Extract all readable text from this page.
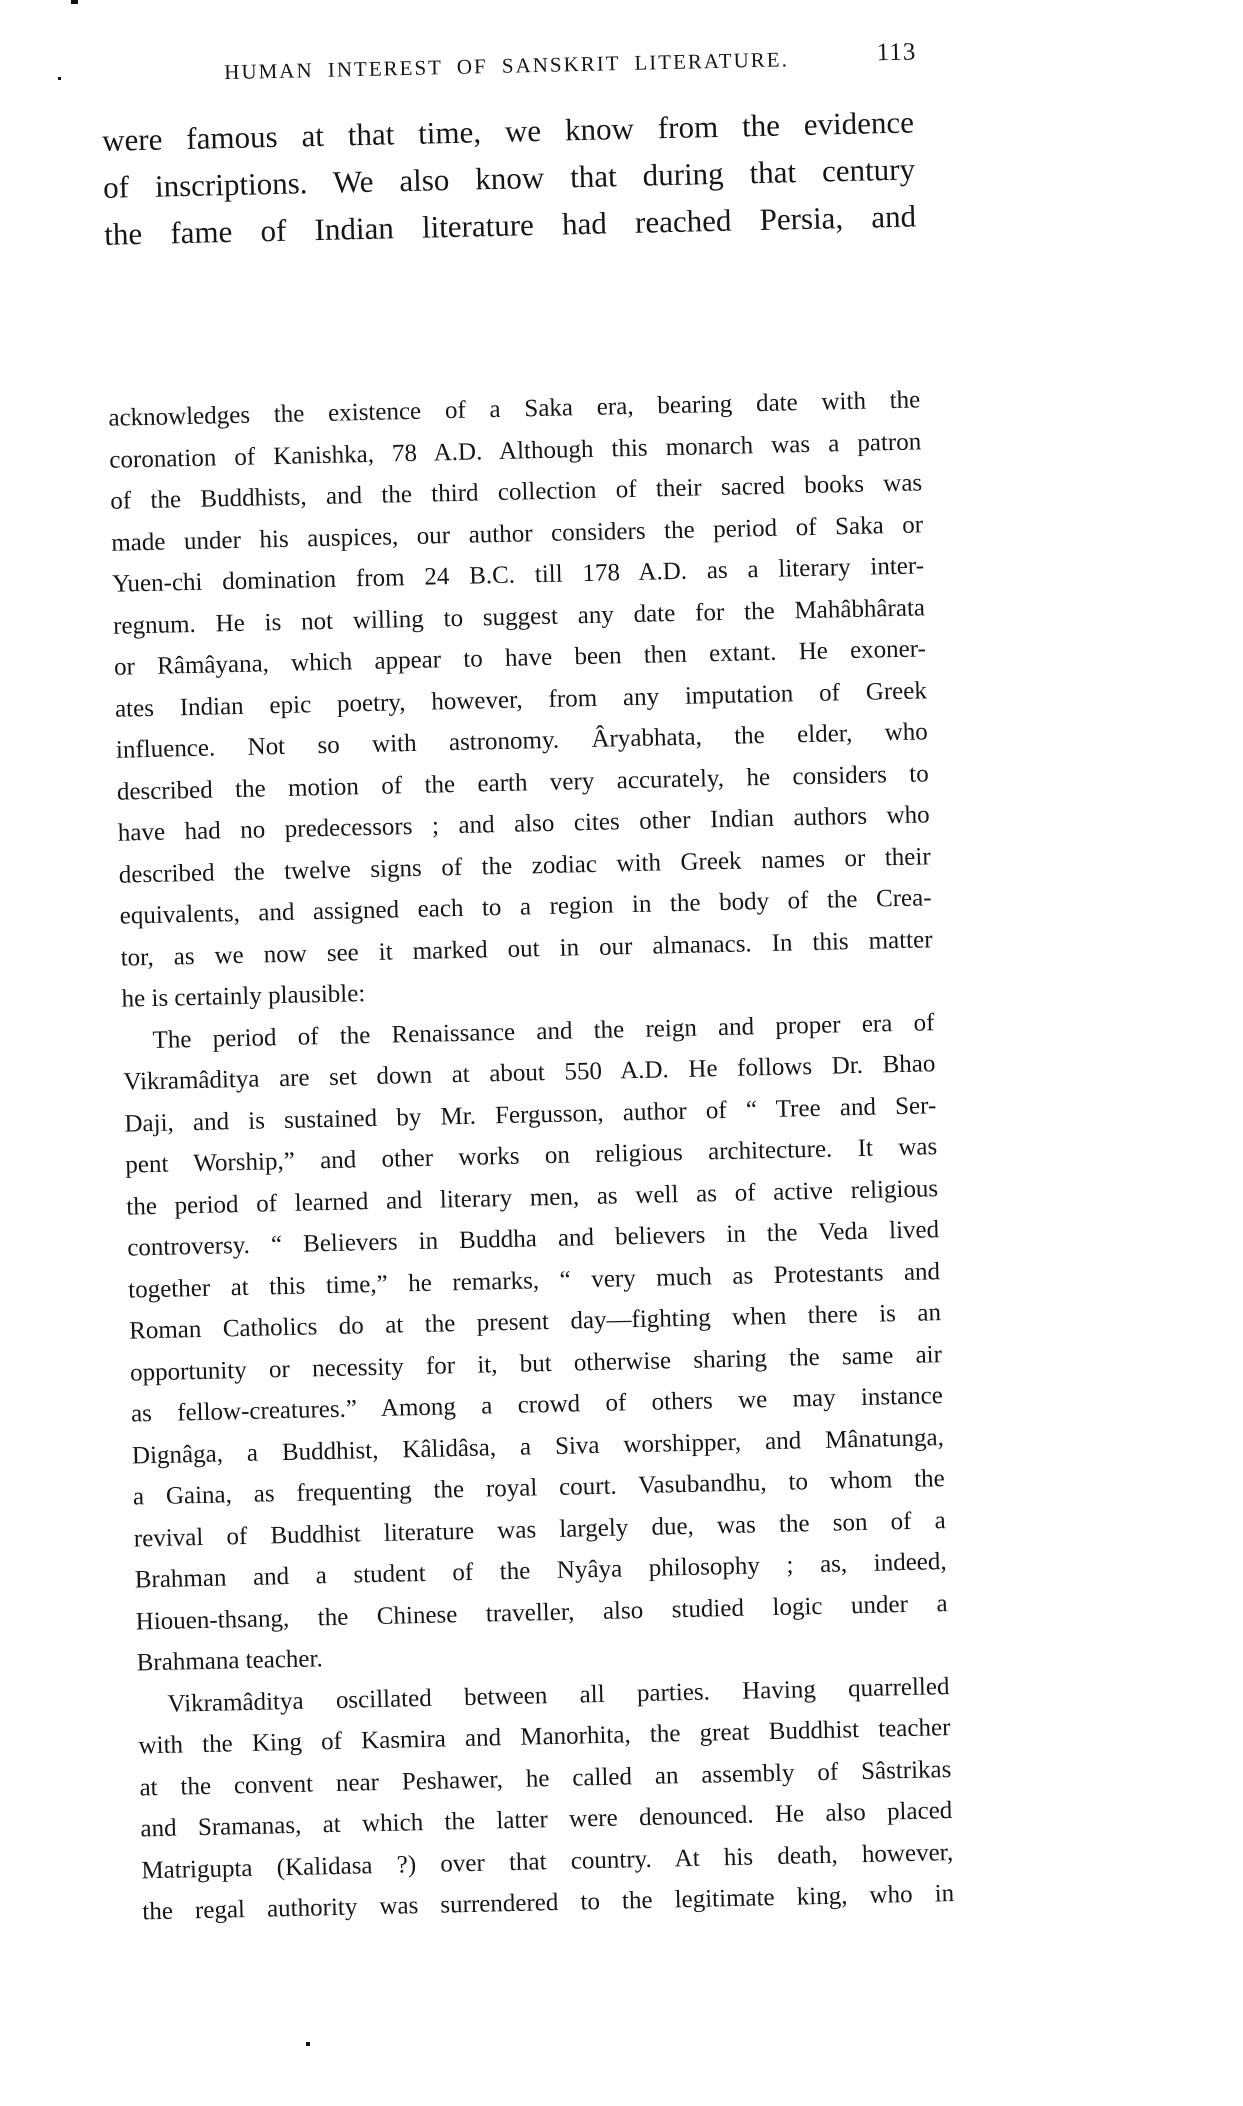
HUMAN INTEREST OF SANSKRIT LITERATURE.	113
were famous at that time, we know from the evidence
of inscriptions. We also know that during that century
the fame of Indian literature had reached Persia, and
acknowledges the existence of a Saka era, bearing date with the
coronation of Kanishka, 78 A.D. Although this monarch was a patron
of the Buddhists, and the third collection of their sacred books was
made under his auspices, our author considers the period of Saka or
Yuen-chi domination from 24 B.C. till 178 A.D. as a literary inter-
regnum. He is not willing to suggest any date for the Mahâbhârata
or Râmâyana, which appear to have been then extant. He exoner-
ates Indian epic poetry, however, from any imputation of Greek
influence. Not so with astronomy. Âryabhata, the elder, who
described the motion of the earth very accurately, he considers to
have had no predecessors ; and also cites other Indian authors who
described the twelve signs of the zodiac with Greek names or their
equivalents, and assigned each to a region in the body of the Crea-
tor, as we now see it marked out in our almanacs. In this matter
he is certainly plausible:
The period of the Renaissance and the reign and proper era of
Vikramâditya are set down at about 550 A.D. He follows Dr. Bhao
Daji, and is sustained by Mr. Fergusson, author of “ Tree and Ser-
pent Worship,” and other works on religious architecture. It was
the period of learned and literary men, as well as of active religious
controversy. “ Believers in Buddha and believers in the Veda lived
together at this time,” he remarks, “ very much as Protestants and
Roman Catholics do at the present day—fighting when there is an
opportunity or necessity for it, but otherwise sharing the same air
as fellow-creatures.” Among a crowd of others we may instance
Dignâga, a Buddhist, Kâlidâsa, a Siva worshipper, and Mânatunga,
a Gaina, as frequenting the royal court. Vasubandhu, to whom the
revival of Buddhist literature was largely due, was the son of a
Brahman and a student of the Nyâya philosophy ; as, indeed,
Hiouen-thsang, the Chinese traveller, also studied logic under a
Brahmana teacher.
Vikramâditya oscillated between all parties. Having quarrelled
with the King of Kasmira and Manorhita, the great Buddhist teacher
at the convent near Peshawer, he called an assembly of Sâstrikas
and Sramanas, at which the latter were denounced. He also placed
Matrigupta (Kalidasa ?) over that country. At his death, however,
the regal authority was surrendered to the legitimate king, who in
